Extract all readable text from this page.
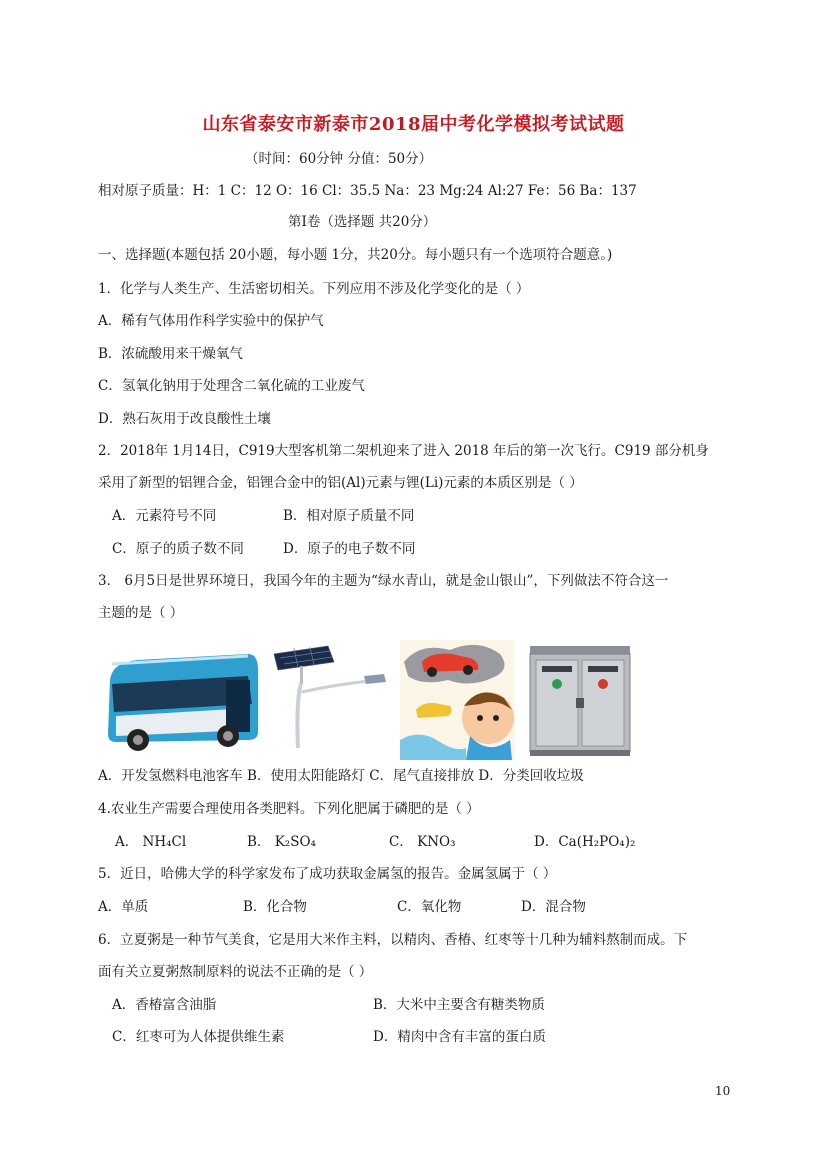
山东省泰安市新泰市2018届中考化学模拟考试试题
（时间：60分钟 分值：50分）
相对原子质量：H：1 C：12 O：16 Cl：35.5 Na：23 Mg:24 Al:27 Fe：56 Ba：137
第Ⅰ卷（选择题 共20分）
一、选择题(本题包括 20小题，每小题 1分，共20分。每小题只有一个选项符合题意。)
1．化学与人类生产、生活密切相关。下列应用不涉及化学变化的是（ ）
A．稀有气体用作科学实验中的保护气
B．浓硫酸用来干燥氧气
C．氢氧化钠用于处理含二氧化硫的工业废气
D．熟石灰用于改良酸性土壤
2．2018年 1月14日，C919大型客机第二架机迎来了进入 2018 年后的第一次飞行。C919 部分机身
采用了新型的铝锂合金，铝锂合金中的铝(Al)元素与锂(Li)元素的本质区别是（ ）
A．元素符号不同	B．相对原子质量不同
C．原子的质子数不同	D．原子的电子数不同
3． 6月5日是世界环境日，我国今年的主题为“绿水青山，就是金山银山”，下列做法不符合这一
主题的是（ ）
A．开发氢燃料电池客车 B．使用太阳能路灯 C．尾气直接排放 D．分类回收垃圾
4.农业生产需要合理使用各类肥料。下列化肥属于磷肥的是（ ）
A． NH₄Cl	B． K₂SO₄	C． KNO₃	D．Ca(H₂PO₄)₂
5．近日，哈佛大学的科学家发布了成功获取金属氢的报告。金属氢属于（ ）
A．单质	B．化合物	C．氧化物	D．混合物
6．立夏粥是一种节气美食，它是用大米作主料，以精肉、香椿、红枣等十几种为辅料熬制而成。下
面有关立夏粥熬制原料的说法不正确的是（ ）
A．香椿富含油脂	B．大米中主要含有糖类物质
C．红枣可为人体提供维生素	D．精肉中含有丰富的蛋白质
10
